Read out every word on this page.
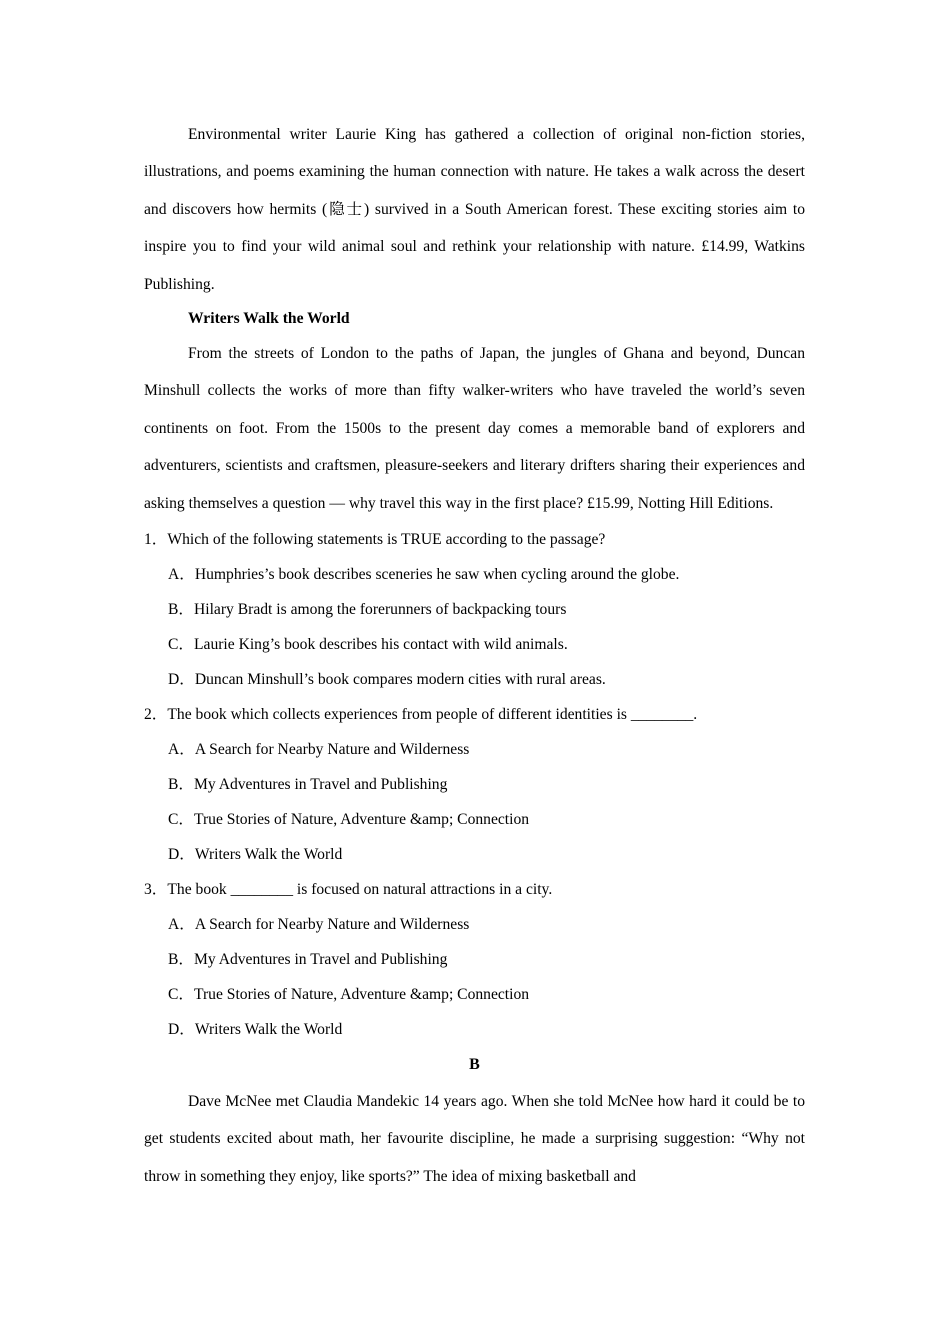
Environmental writer Laurie King has gathered a collection of original non-fiction stories, illustrations, and poems examining the human connection with nature. He takes a walk across the desert and discovers how hermits (隐士) survived in a South American forest. These exciting stories aim to inspire you to find your wild animal soul and rethink your relationship with nature. £14.99, Watkins Publishing.

Writers Walk the World

From the streets of London to the paths of Japan, the jungles of Ghana and beyond, Duncan Minshull collects the works of more than fifty walker-writers who have traveled the world’s seven continents on foot. From the 1500s to the present day comes a memorable band of explorers and adventurers, scientists and craftsmen, pleasure-seekers and literary drifters sharing their experiences and asking themselves a question — why travel this way in the first place? £15.99, Notting Hill Editions.

1．Which of the following statements is TRUE according to the passage?

A．Humphries’s book describes sceneries he saw when cycling around the globe.

B．Hilary Bradt is among the forerunners of backpacking tours

C．Laurie King’s book describes his contact with wild animals.

D．Duncan Minshull’s book compares modern cities with rural areas.

2．The book which collects experiences from people of different identities is ________.

A．A Search for Nearby Nature and Wilderness

B．My Adventures in Travel and Publishing

C．True Stories of Nature, Adventure &amp; Connection

D．Writers Walk the World

3．The book ________ is focused on natural attractions in a city.

A．A Search for Nearby Nature and Wilderness

B．My Adventures in Travel and Publishing

C．True Stories of Nature, Adventure &amp; Connection

D．Writers Walk the World

B

Dave McNee met Claudia Mandekic 14 years ago. When she told McNee how hard it could be to get students excited about math, her favourite discipline, he made a surprising suggestion: “Why not throw in something they enjoy, like sports?” The idea of mixing basketball and
